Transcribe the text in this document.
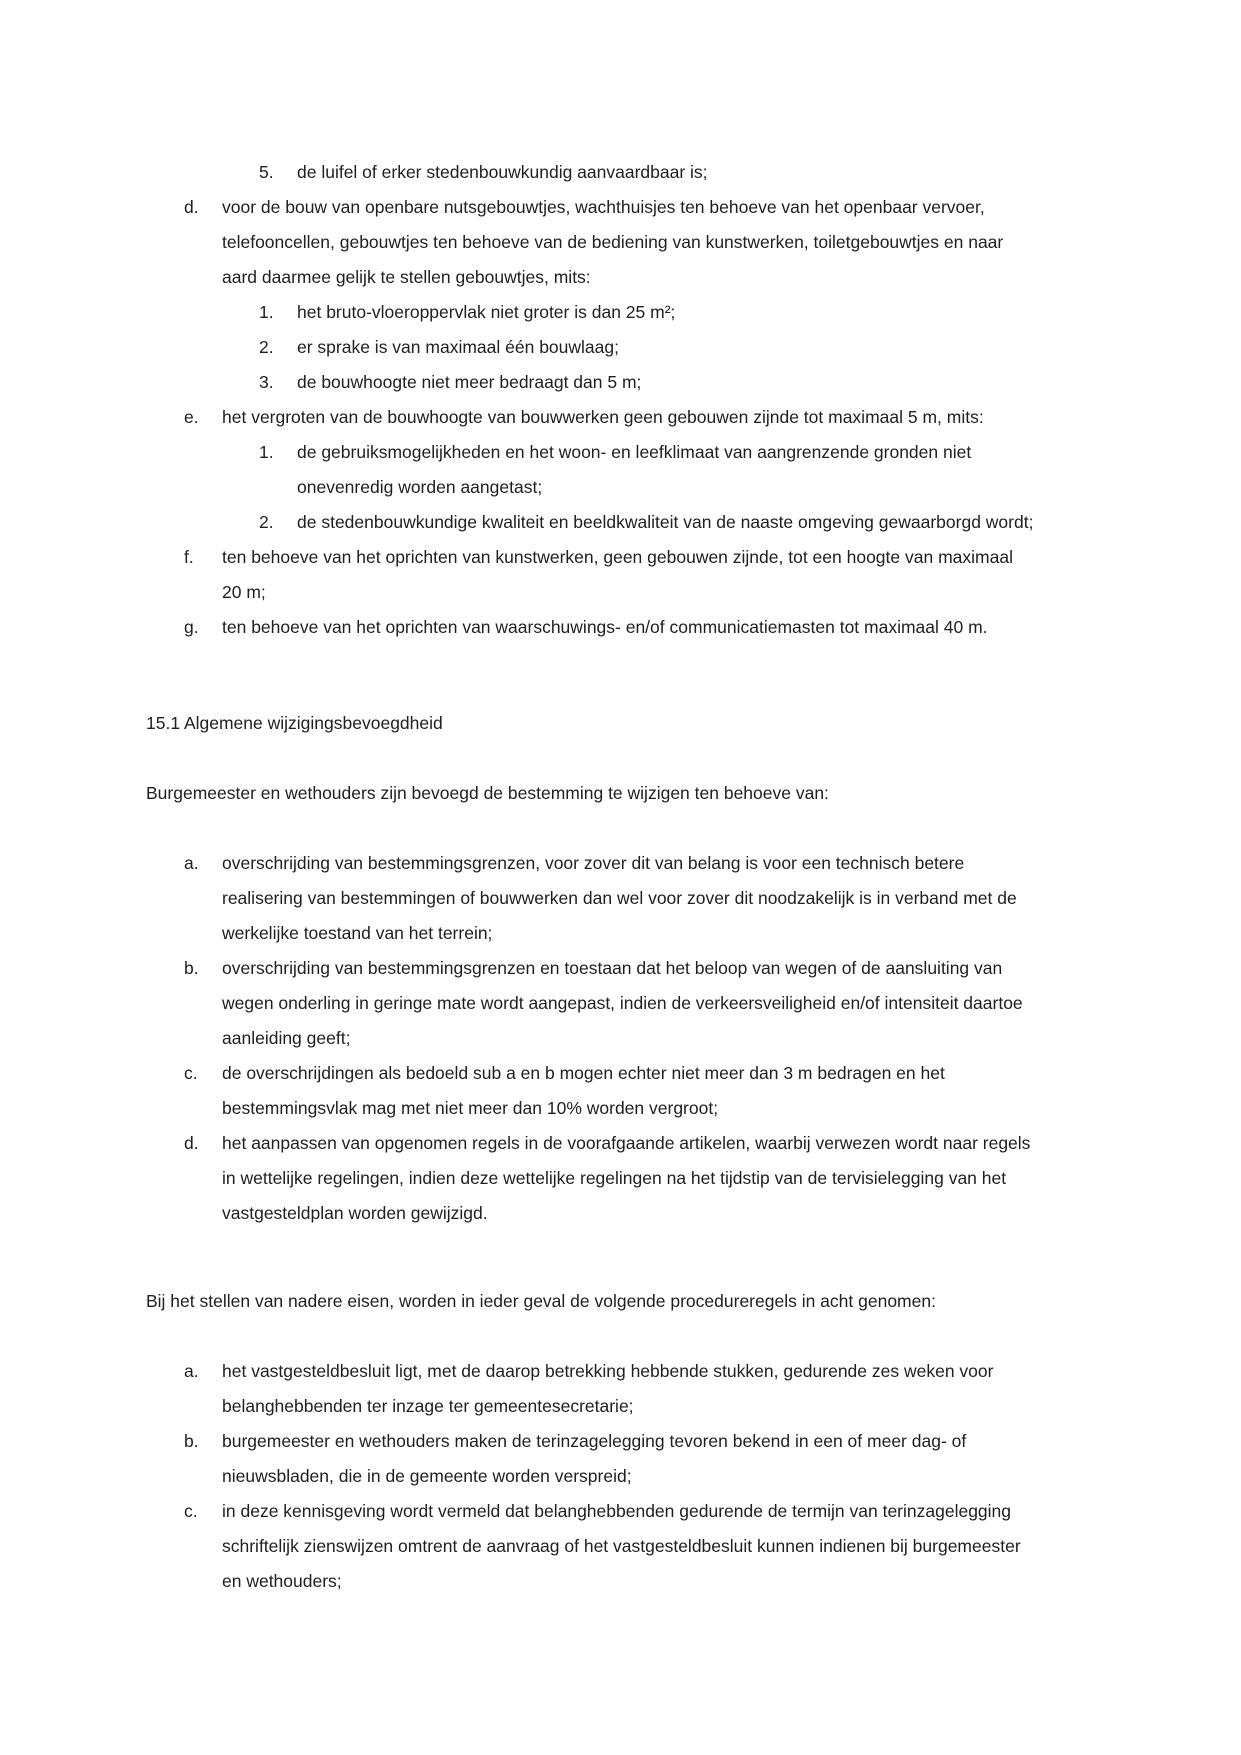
5. de luifel of erker stedenbouwkundig aanvaardbaar is;
d. voor de bouw van openbare nutsgebouwtjes, wachthuisjes ten behoeve van het openbaar vervoer,
telefooncellen, gebouwtjes ten behoeve van de bediening van kunstwerken, toiletgebouwtjes en naar
aard daarmee gelijk te stellen gebouwtjes, mits:
1. het bruto-vloeroppervlak niet groter is dan 25 m²;
2. er sprake is van maximaal één bouwlaag;
3. de bouwhoogte niet meer bedraagt dan 5 m;
e. het vergroten van de bouwhoogte van bouwwerken geen gebouwen zijnde tot maximaal 5 m, mits:
1. de gebruiksmogelijkheden en het woon- en leefklimaat van aangrenzende gronden niet
onevenredig worden aangetast;
2. de stedenbouwkundige kwaliteit en beeldkwaliteit van de naaste omgeving gewaarborgd wordt;
f. ten behoeve van het oprichten van kunstwerken, geen gebouwen zijnde, tot een hoogte van maximaal
20 m;
g. ten behoeve van het oprichten van waarschuwings- en/of communicatiemasten tot maximaal 40 m.
15.1 Algemene wijzigingsbevoegdheid
Burgemeester en wethouders zijn bevoegd de bestemming te wijzigen ten behoeve van:
a. overschrijding van bestemmingsgrenzen, voor zover dit van belang is voor een technisch betere
realisering van bestemmingen of bouwwerken dan wel voor zover dit noodzakelijk is in verband met de
werkelijke toestand van het terrein;
b. overschrijding van bestemmingsgrenzen en toestaan dat het beloop van wegen of de aansluiting van
wegen onderling in geringe mate wordt aangepast, indien de verkeersveiligheid en/of intensiteit daartoe
aanleiding geeft;
c. de overschrijdingen als bedoeld sub a en b mogen echter niet meer dan 3 m bedragen en het
bestemmingsvlak mag met niet meer dan 10% worden vergroot;
d. het aanpassen van opgenomen regels in de voorafgaande artikelen, waarbij verwezen wordt naar regels
in wettelijke regelingen, indien deze wettelijke regelingen na het tijdstip van de tervisielegging van het
vastgesteldplan worden gewijzigd.
Bij het stellen van nadere eisen, worden in ieder geval de volgende procedureregels in acht genomen:
a. het vastgesteldbesluit ligt, met de daarop betrekking hebbende stukken, gedurende zes weken voor
belanghebbenden ter inzage ter gemeentesecretarie;
b. burgemeester en wethouders maken de terinzagelegging tevoren bekend in een of meer dag- of
nieuwsbladen, die in de gemeente worden verspreid;
c. in deze kennisgeving wordt vermeld dat belanghebbenden gedurende de termijn van terinzagelegging
schriftelijk zienswijzen omtrent de aanvraag of het vastgesteldbesluit kunnen indienen bij burgemeester
en wethouders;
